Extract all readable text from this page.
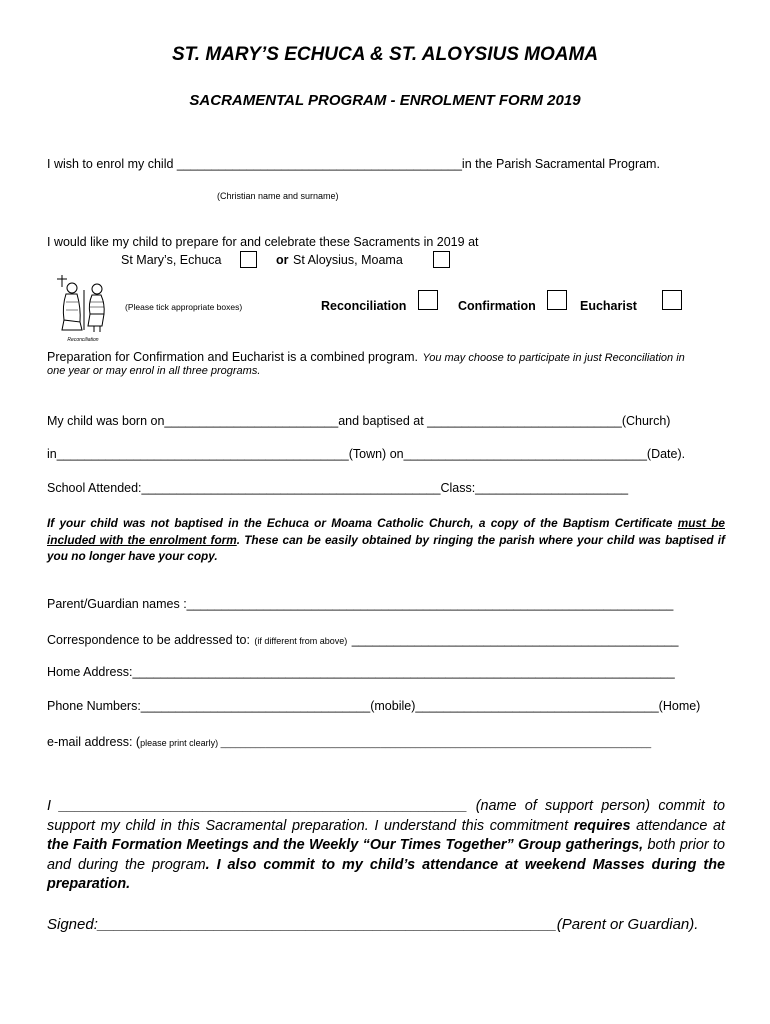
ST. MARY’S ECHUCA & ST. ALOYSIUS MOAMA
SACRAMENTAL PROGRAM - ENROLMENT FORM 2019
I wish to enrol my child _________________________________________in the Parish Sacramental Program.
(Christian name and surname)
I would like my child to prepare for and celebrate these Sacraments in 2019 at
St Mary’s, Echuca	or St Aloysius, Moama
Reconciliation
(Please tick appropriate boxes)	Reconciliation	Confirmation	Eucharist
Preparation for Confirmation and Eucharist is a combined program. You may choose to participate in just Reconciliation in
one year or may enrol in all three programs.
My child was born on_________________________and baptised at ____________________________(Church)
in__________________________________________(Town) on___________________________________(Date).
School Attended:___________________________________________Class:______________________
If your child was not baptised in the Echuca or Moama Catholic Church, a copy of the Baptism Certificate must be included with the enrolment form. These can be easily obtained by ringing the parish where your child was baptised if you no longer have your copy.
Parent/Guardian names :______________________________________________________________________
Correspondence to be addressed to: (if different from above) _______________________________________________
Home Address:______________________________________________________________________________
Phone Numbers:_________________________________(mobile)___________________________________(Home)
e-mail address: (please print clearly) ______________________________________________________________________________________
I ___________________________________________________ (name of support person) commit to support my child in this Sacramental preparation. I understand this commitment requires attendance at the Faith Formation Meetings and the Weekly “Our Times Together” Group gatherings, both prior to and during the program. I also commit to my child’s attendance at weekend Masses during the preparation.
Signed:_______________________________________________________(Parent or Guardian).
